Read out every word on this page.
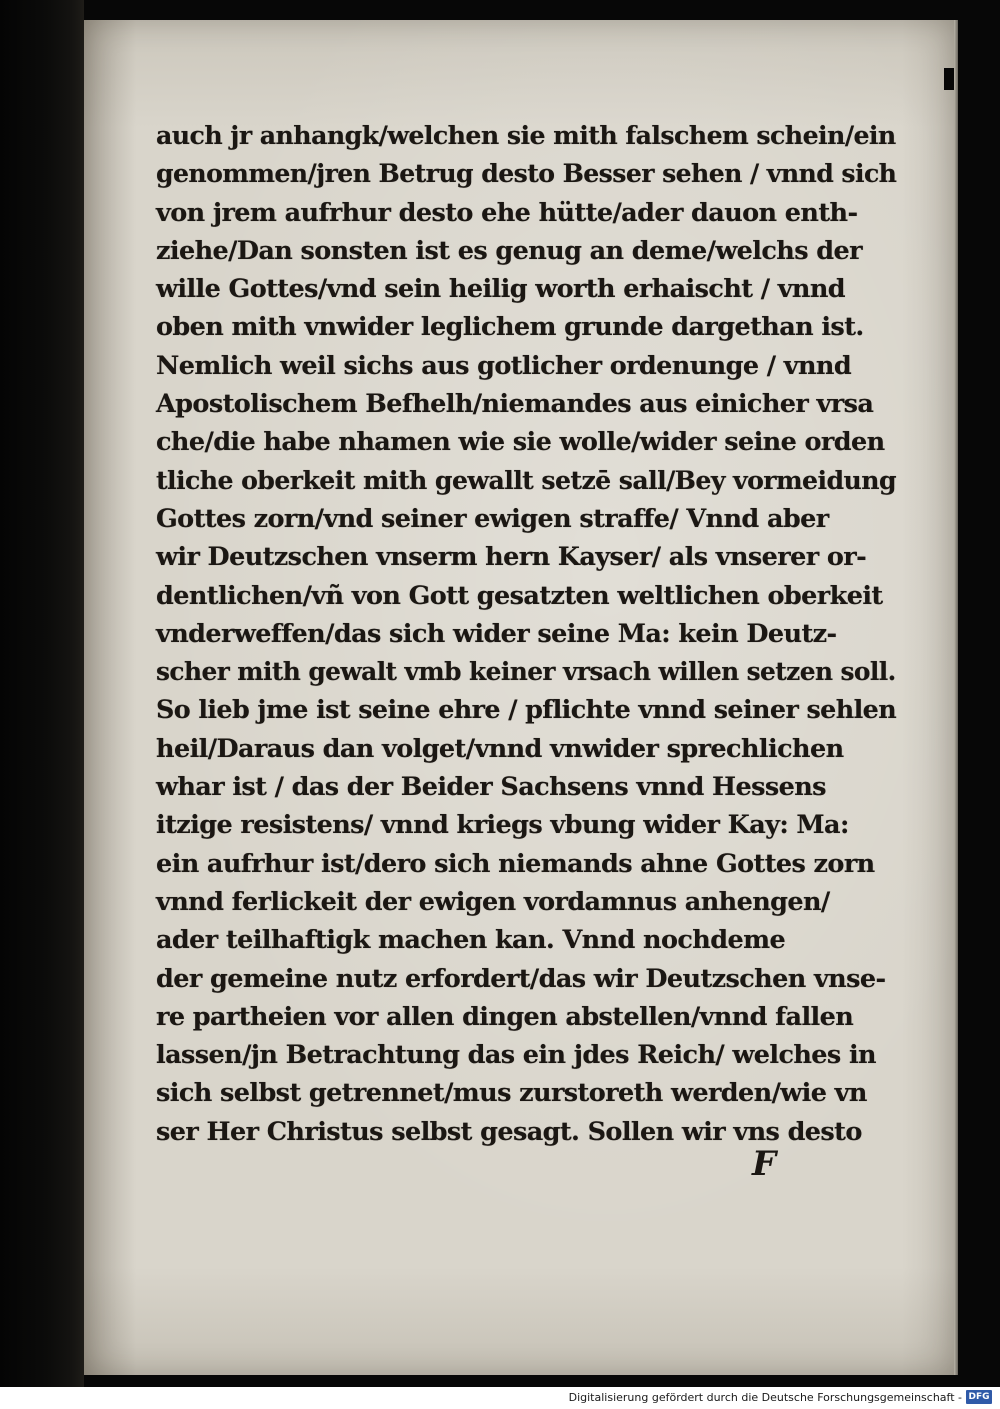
auch jr anhangk/welchen sie mith falschem schein/ein
genommen/jren Betrug desto Besser sehen / vnnd sich
von jrem aufrhur desto ehe hütte/ader dauon enth-
ziehe/Dan sonsten ist es genug an deme/welchs der
wille Gottes/vnd sein heilig worth erhaischt / vnnd
oben mith vnwider leglichem grunde dargethan ist.
Nemlich weil sichs aus gotlicher ordenunge / vnnd
Apostolischem Befhelh/niemandes aus einicher vrsa
che/die habe nhamen wie sie wolle/wider seine orden
tliche oberkeit mith gewallt setzē sall/Bey vormeidung
Gottes zorn/vnd seiner ewigen straffe/ Vnnd aber
wir Deutzschen vnserm hern Kayser/ als vnserer or-
dentlichen/vñ von Gott gesatzten weltlichen oberkeit
vnderweffen/das sich wider seine Ma: kein Deutz-
scher mith gewalt vmb keiner vrsach willen setzen soll.
So lieb jme ist seine ehre / pflichte vnnd seiner sehlen
heil/Daraus dan volget/vnnd vnwider sprechlichen
whar ist / das der Beider Sachsens vnnd Hessens
itzige resistens/ vnnd kriegs vbung wider Kay: Ma:
ein aufrhur ist/dero sich niemands ahne Gottes zorn
vnnd ferlickeit der ewigen vordamnus anhengen/
ader teilhaftigk machen kan. Vnnd nochdeme
der gemeine nutz erfordert/das wir Deutzschen vnse-
re partheien vor allen dingen abstellen/vnnd fallen
lassen/jn Betrachtung das ein jdes Reich/ welches in
sich selbst getrennet/mus zurstoreth werden/wie vn
ser Her Christus selbst gesagt. Sollen wir vns desto
F
Digitalisierung gefördert durch die Deutsche Forschungsgemeinschaft - DFG
